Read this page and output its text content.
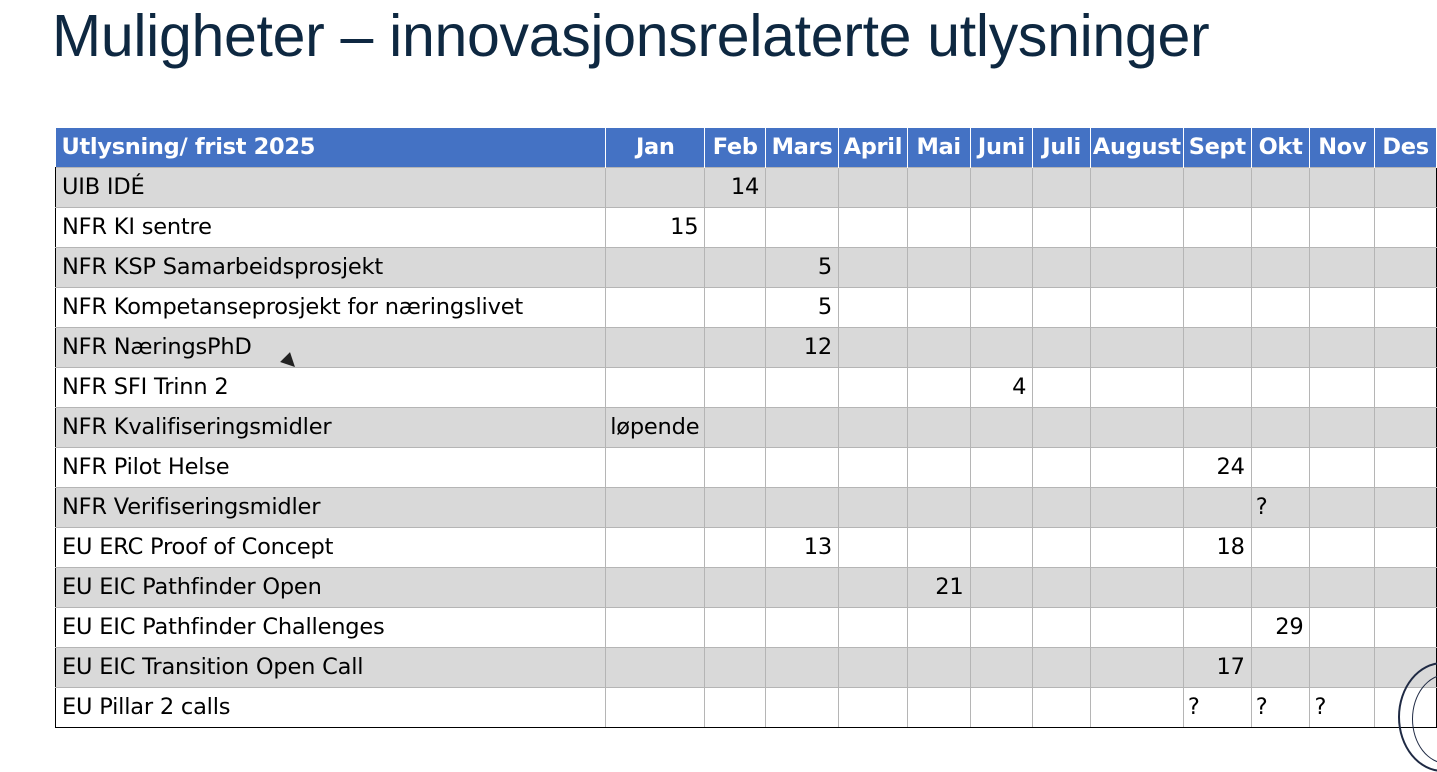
Muligheter – innovasjonsrelaterte utlysninger
Utlysning/ frist 2025	Jan	Feb	Mars	April	Mai	Juni	Juli	August	Sept	Okt	Nov	Des
UIB IDÉ		14										
NFR KI sentre	15											
NFR KSP Samarbeidsprosjekt			5									
NFR Kompetanseprosjekt for næringslivet			5									
NFR NæringsPhD			12									
NFR SFI Trinn 2						4						
NFR Kvalifiseringsmidler	løpende											
NFR Pilot Helse									24			
NFR Verifiseringsmidler										?		
EU ERC Proof of Concept			13						18			
EU EIC Pathfinder Open					21							
EU EIC Pathfinder Challenges										29		
EU EIC Transition Open Call									17			
EU Pillar 2 calls									?	?	?	
